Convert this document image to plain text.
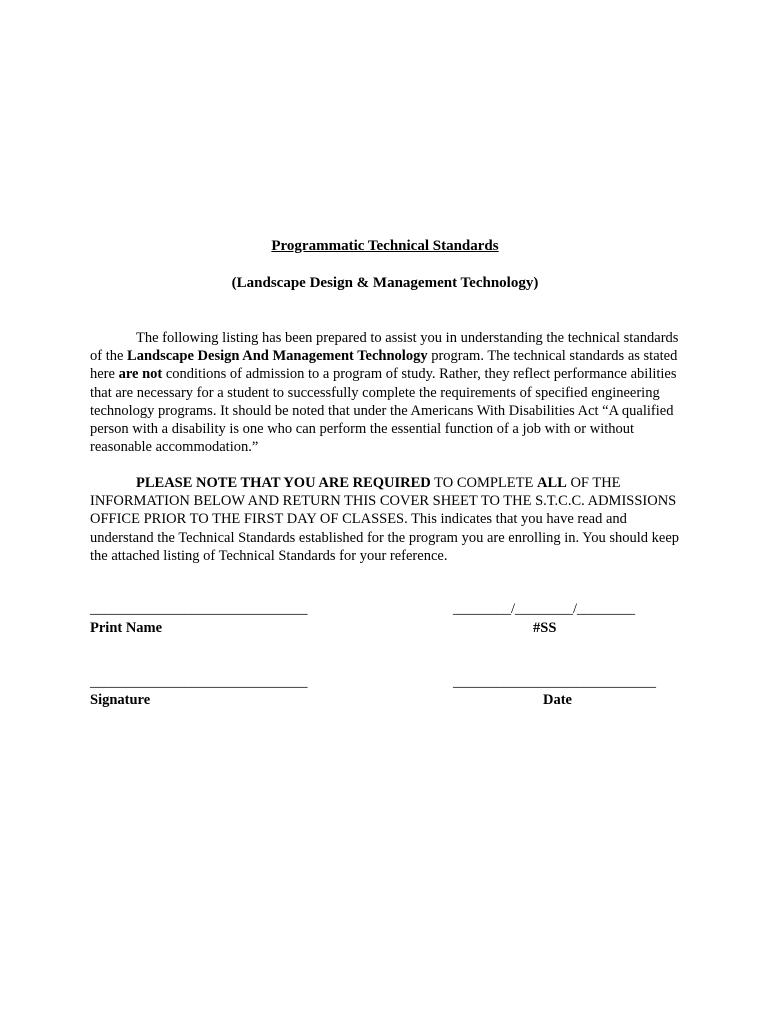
Programmatic Technical Standards

(Landscape Design & Management Technology)

The following listing has been prepared to assist you in understanding the technical standards of the Landscape Design And Management Technology program. The technical standards as stated here are not conditions of admission to a program of study. Rather, they reflect performance abilities that are necessary for a student to successfully complete the requirements of specified engineering technology programs. It should be noted that under the Americans With Disabilities Act “A qualified person with a disability is one who can perform the essential function of a job with or without reasonable accommodation.”

PLEASE NOTE THAT YOU ARE REQUIRED TO COMPLETE ALL OF THE INFORMATION BELOW AND RETURN THIS COVER SHEET TO THE S.T.C.C. ADMISSIONS OFFICE PRIOR TO THE FIRST DAY OF CLASSES. This indicates that you have read and understand the Technical Standards established for the program you are enrolling in. You should keep the attached listing of Technical Standards for your reference.

______________________________
Print Name
________/________/________
#SS
______________________________
Signature
____________________________
Date
